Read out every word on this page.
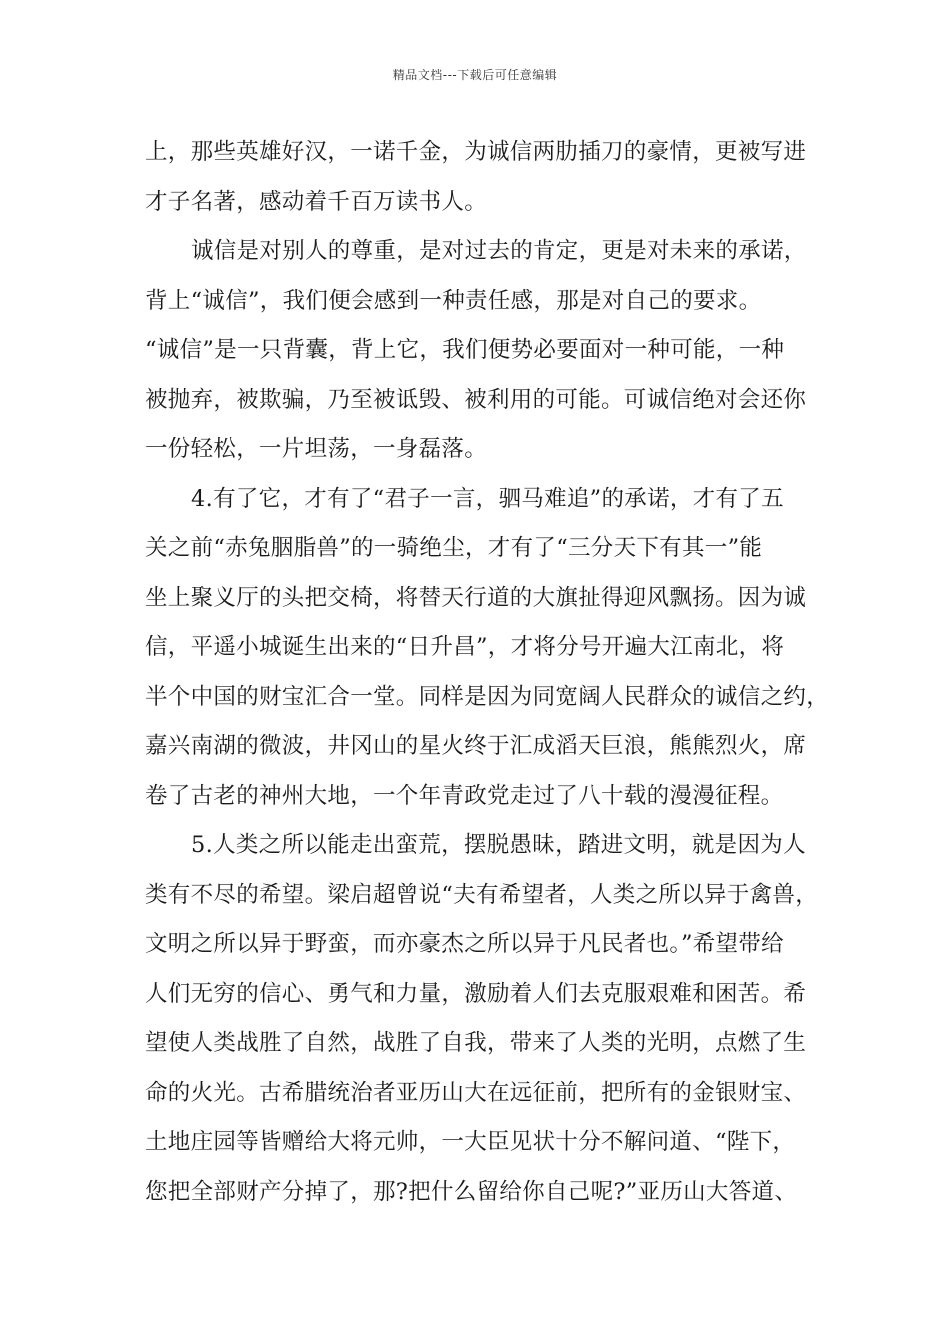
精品文档---下载后可任意编辑
上，那些英雄好汉，一诺千金，为诚信两肋插刀的豪情，更被写进
才子名著，感动着千百万读书人。
诚信是对别人的尊重，是对过去的肯定，更是对未来的承诺，
背上“诚信”，我们便会感到一种责任感，那是对自己的要求。
“诚信”是一只背囊，背上它，我们便势必要面对一种可能，一种
被抛弃，被欺骗，乃至被诋毁、被利用的可能。可诚信绝对会还你
一份轻松，一片坦荡，一身磊落。
4.有了它，才有了“君子一言，驷马难追”的承诺，才有了五
关之前“赤兔胭脂兽”的一骑绝尘，才有了“三分天下有其一”能
坐上聚义厅的头把交椅，将替天行道的大旗扯得迎风飘扬。因为诚
信，平遥小城诞生出来的“日升昌”，才将分号开遍大江南北，将
半个中国的财宝汇合一堂。同样是因为同宽阔人民群众的诚信之约，
嘉兴南湖的微波，井冈山的星火终于汇成滔天巨浪，熊熊烈火，席
卷了古老的神州大地，一个年青政党走过了八十载的漫漫征程。
5.人类之所以能走出蛮荒，摆脱愚昧，踏进文明，就是因为人
类有不尽的希望。梁启超曾说“夫有希望者，人类之所以异于禽兽，
文明之所以异于野蛮，而亦豪杰之所以异于凡民者也。”希望带给
人们无穷的信心、勇气和力量，激励着人们去克服艰难和困苦。希
望使人类战胜了自然，战胜了自我，带来了人类的光明，点燃了生
命的火光。古希腊统治者亚历山大在远征前，把所有的金银财宝、
土地庄园等皆赠给大将元帅，一大臣见状十分不解问道、“陛下，
您把全部财产分掉了，那?把什么留给你自己呢?”亚历山大答道、
